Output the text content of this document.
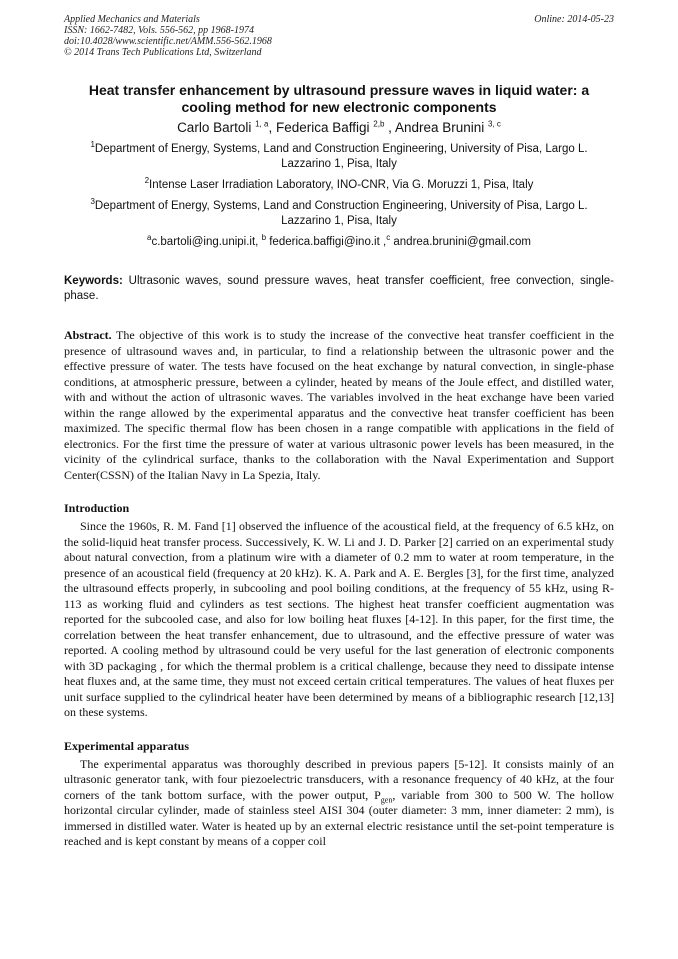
Applied Mechanics and Materials
ISSN: 1662-7482, Vols. 556-562, pp 1968-1974
doi:10.4028/www.scientific.net/AMM.556-562.1968
© 2014 Trans Tech Publications Ltd, Switzerland
Online: 2014-05-23
Heat transfer enhancement by ultrasound pressure waves in liquid water: a cooling method for new electronic components
Carlo Bartoli $^{1, a}$, Federica Baffigi $^{2,b}$ , Andrea Brunini $^{3, c}$
$^1$Department of Energy, Systems, Land and Construction Engineering, University of Pisa, Largo L. Lazzarino 1, Pisa, Italy
$^2$Intense Laser Irradiation Laboratory, INO-CNR, Via G. Moruzzi 1, Pisa, Italy
$^3$Department of Energy, Systems, Land and Construction Engineering, University of Pisa, Largo L. Lazzarino 1, Pisa, Italy
$^a$c.bartoli@ing.unipi.it, $^b$ federica.baffigi@ino.it ,$^c$ andrea.brunini@gmail.com
Keywords: Ultrasonic waves, sound pressure waves, heat transfer coefficient, free convection, single-phase.
Abstract. The objective of this work is to study the increase of the convective heat transfer coefficient in the presence of ultrasound waves and, in particular, to find a relationship between the ultrasonic power and the effective pressure of water. The tests have focused on the heat exchange by natural convection, in single-phase conditions, at atmospheric pressure, between a cylinder, heated by means of the Joule effect, and distilled water, with and without the action of ultrasonic waves. The variables involved in the heat exchange have been varied within the range allowed by the experimental apparatus and the convective heat transfer coefficient has been maximized. The specific thermal flow has been chosen in a range compatible with applications in the field of electronics. For the first time the pressure of water at various ultrasonic power levels has been measured, in the vicinity of the cylindrical surface, thanks to the collaboration with the Naval Experimentation and Support Center(CSSN) of the Italian Navy in La Spezia, Italy.
Introduction
Since the 1960s, R. M. Fand [1] observed the influence of the acoustical field, at the frequency of 6.5 kHz, on the solid-liquid heat transfer process. Successively, K. W. Li and J. D. Parker [2] carried on an experimental study about natural convection, from a platinum wire with a diameter of 0.2 mm to water at room temperature, in the presence of an acoustical field (frequency at 20 kHz). K. A. Park and A. E. Bergles [3], for the first time, analyzed the ultrasound effects properly, in subcooling and pool boiling conditions, at the frequency of 55 kHz, using R-113 as working fluid and cylinders as test sections. The highest heat transfer coefficient augmentation was reported for the subcooled case, and also for low boiling heat fluxes [4-12]. In this paper, for the first time, the correlation between the heat transfer enhancement, due to ultrasound, and the effective pressure of water was reported. A cooling method by ultrasound could be very useful for the last generation of electronic components with 3D packaging , for which the thermal problem is a critical challenge, because they need to dissipate intense heat fluxes and, at the same time, they must not exceed certain critical temperatures. The values of heat fluxes per unit surface supplied to the cylindrical heater have been determined by means of a bibliographic research [12,13] on these systems.
Experimental apparatus
The experimental apparatus was thoroughly described in previous papers [5-12]. It consists mainly of an ultrasonic generator tank, with four piezoelectric transducers, with a resonance frequency of 40 kHz, at the four corners of the tank bottom surface, with the power output, $P_{gen}$, variable from 300 to 500 W. The hollow horizontal circular cylinder, made of stainless steel AISI 304 (outer diameter: 3 mm, inner diameter: 2 mm), is immersed in distilled water. Water is heated up by an external electric resistance until the set-point temperature is reached and is kept constant by means of a copper coil
